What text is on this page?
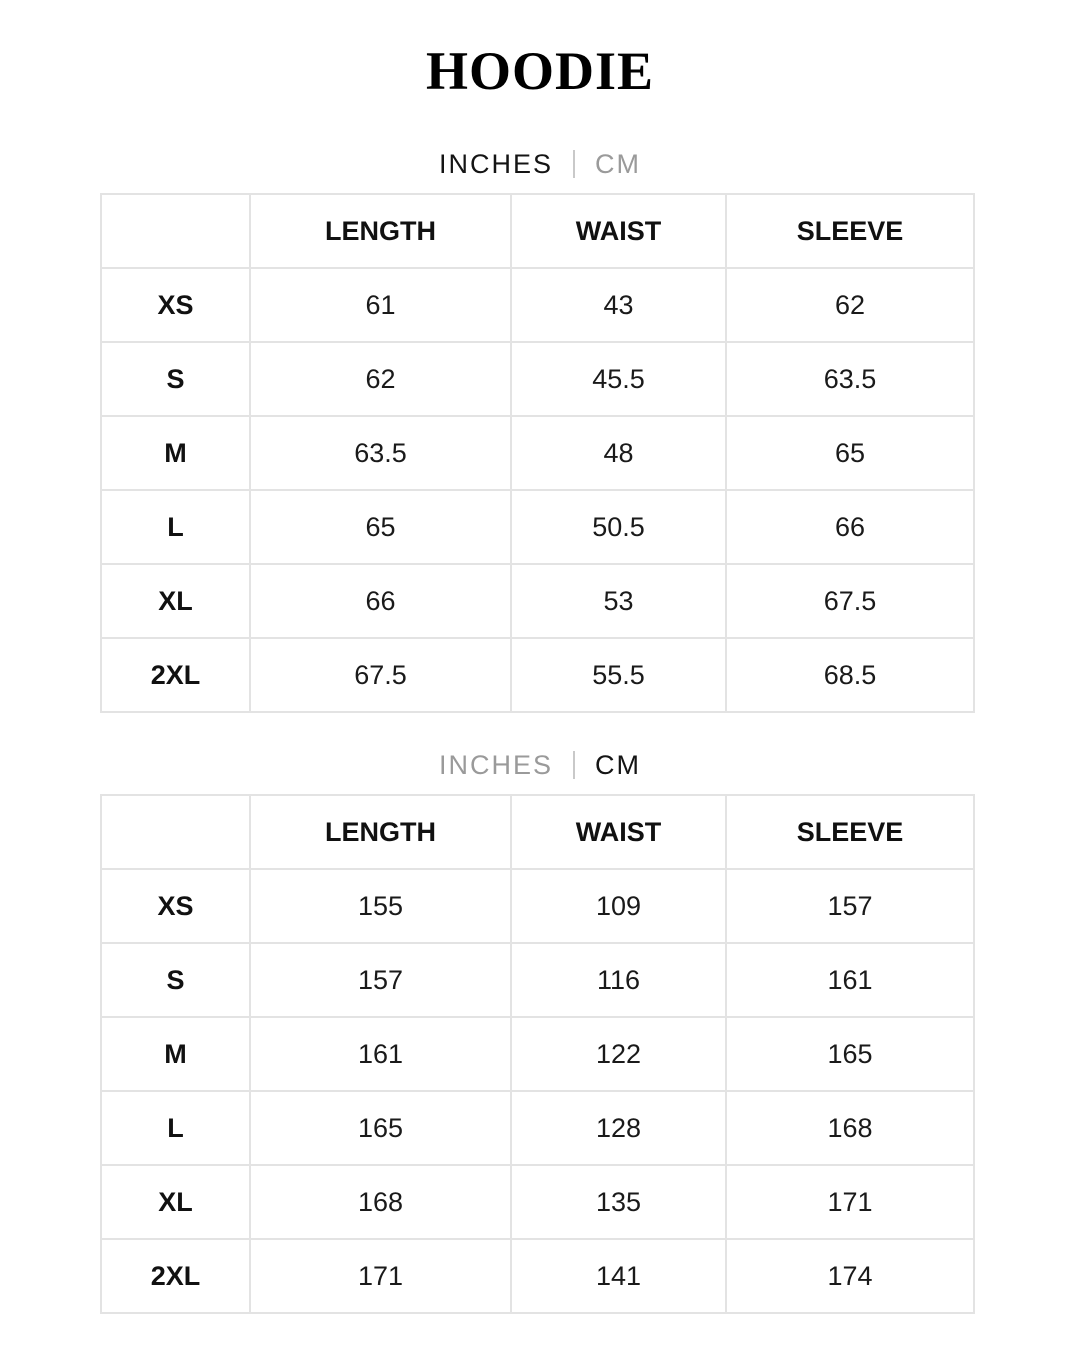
HOODIE
INCHES	CM
	LENGTH	WAIST	SLEEVE
XS	61	43	62
S	62	45.5	63.5
M	63.5	48	65
L	65	50.5	66
XL	66	53	67.5
2XL	67.5	55.5	68.5
INCHES	CM
	LENGTH	WAIST	SLEEVE
XS	155	109	157
S	157	116	161
M	161	122	165
L	165	128	168
XL	168	135	171
2XL	171	141	174
